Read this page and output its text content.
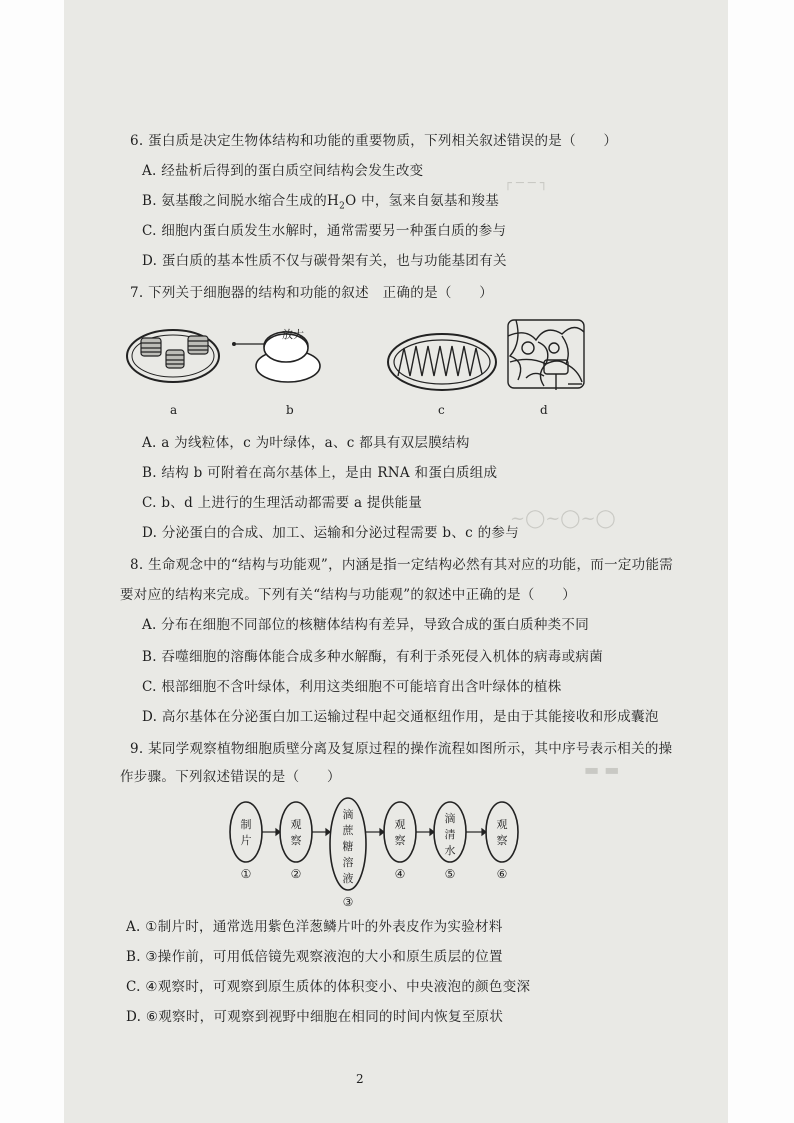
┌ ─ ─ ┐
~◯~◯~◯
▬ ▬
6. 蛋白质是决定生物体结构和功能的重要物质，下列相关叙述错误的是（　　）
A. 经盐析后得到的蛋白质空间结构会发生改变
B. 氨基酸之间脱水缩合生成的$H_2O$ 中，氢来自氨基和羧基
C. 细胞内蛋白质发生水解时，通常需要另一种蛋白质的参与
D. 蛋白质的基本性质不仅与碳骨架有关，也与功能基团有关
7. 下列关于细胞器的结构和功能的叙述　正确的是（　　）
放大
a	b	c	d
A. a 为线粒体，c 为叶绿体，a、c 都具有双层膜结构
B. 结构 b 可附着在高尔基体上，是由 RNA 和蛋白质组成
C. b、d 上进行的生理活动都需要 a 提供能量
D. 分泌蛋白的合成、加工、运输和分泌过程需要 b、c 的参与
8. 生命观念中的“结构与功能观”，内涵是指一定结构必然有其对应的功能，而一定功能需
要对应的结构来完成。下列有关“结构与功能观”的叙述中正确的是（　　）
A. 分布在细胞不同部位的核糖体结构有差异，导致合成的蛋白质种类不同
B. 吞噬细胞的溶酶体能合成多种水解酶，有利于杀死侵入机体的病毒或病菌
C. 根部细胞不含叶绿体，利用这类细胞不可能培育出含叶绿体的植株
D. 高尔基体在分泌蛋白加工运输过程中起交通枢纽作用，是由于其能接收和形成囊泡
9. 某同学观察植物细胞质壁分离及复原过程的操作流程如图所示，其中序号表示相关的操
作步骤。下列叙述错误的是（　　）
制
片
观
察
滴
蔗
糖
溶
液
观
察
滴
清
水
观
察
①	②
③
④	⑤	⑥
A. ①制片时，通常选用紫色洋葱鳞片叶的外表皮作为实验材料
B. ③操作前，可用低倍镜先观察液泡的大小和原生质层的位置
C. ④观察时，可观察到原生质体的体积变小、中央液泡的颜色变深
D. ⑥观察时，可观察到视野中细胞在相同的时间内恢复至原状
2
